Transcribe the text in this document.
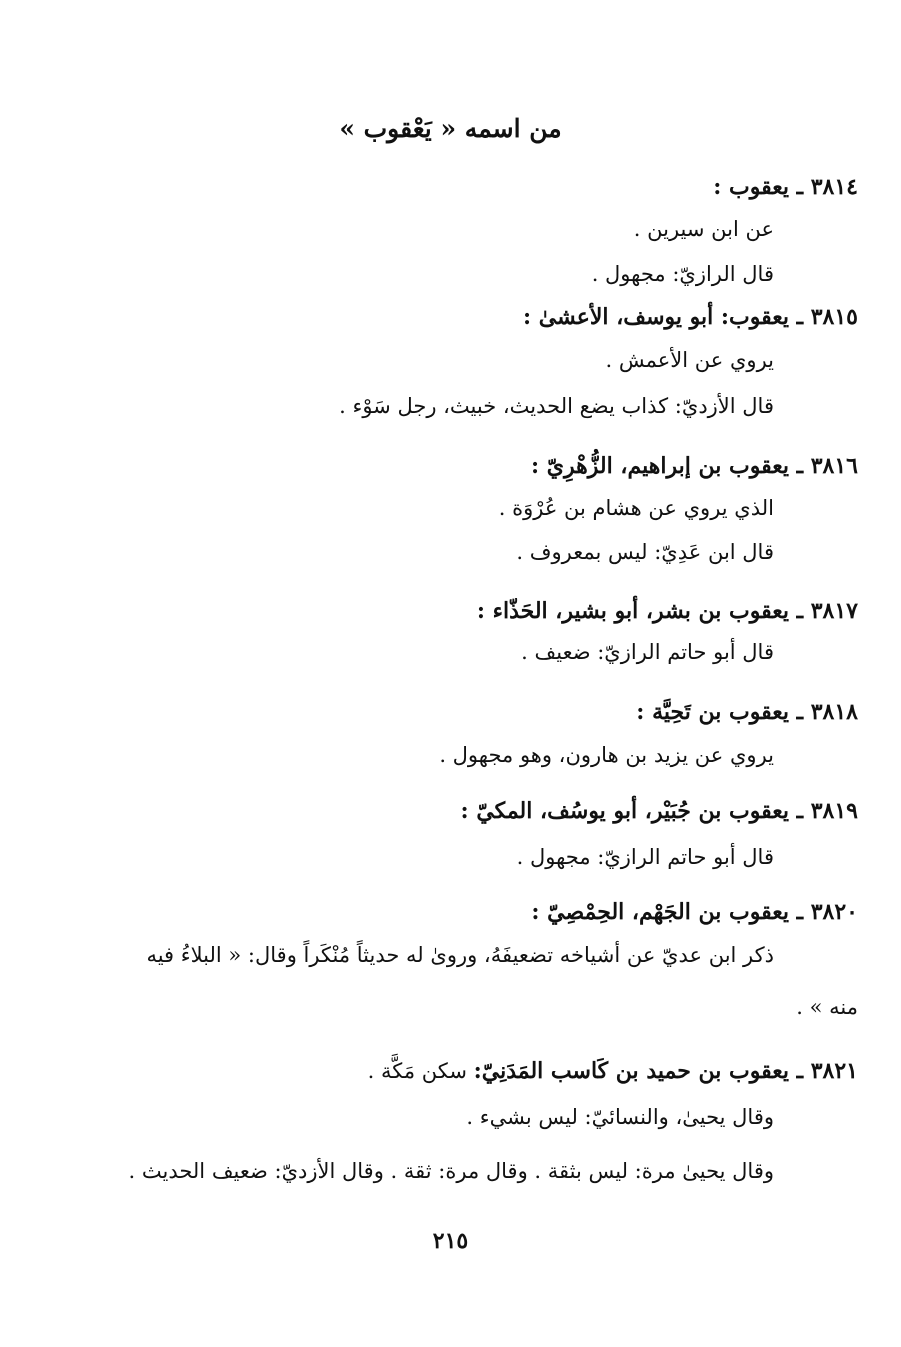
من اسمه « يَعْقوب »
٣٨١٤ ـ يعقوب :
عن ابن سيرين .
قال الرازيّ: مجهول .
٣٨١٥ ـ يعقوب: أبو يوسف، الأعشىٰ :
يروي عن الأعمش .
قال الأزديّ: كذاب يضع الحديث، خبيث، رجل سَوْء .
٣٨١٦ ـ يعقوب بن إبراهيم، الزُّهْرِيّ :
الذي يروي عن هشام بن عُرْوَة .
قال ابن عَدِيّ: ليس بمعروف .
٣٨١٧ ـ يعقوب بن بشر، أبو بشير، الحَذّاء :
قال أبو حاتم الرازيّ: ضعيف .
٣٨١٨ ـ يعقوب بن تَحِيَّة :
يروي عن يزيد بن هارون، وهو مجهول .
٣٨١٩ ـ يعقوب بن جُبَيْر، أبو يوسُف، المكيّ :
قال أبو حاتم الرازيّ: مجهول .
٣٨٢٠ ـ يعقوب بن الجَهْم، الحِمْصِيّ :
ذكر ابن عديّ عن أشياخه تضعيفَهُ، وروىٰ له حديثاً مُنْكَراً وقال: « البلاءُ فيه
منه » .
٣٨٢١ ـ يعقوب بن حميد بن كَاسب المَدَنِيّ: سكن مَكَّة .
وقال يحيىٰ، والنسائيّ: ليس بشيء .
وقال يحيىٰ مرة: ليس بثقة . وقال مرة: ثقة . وقال الأزديّ: ضعيف الحديث .
٢١٥
